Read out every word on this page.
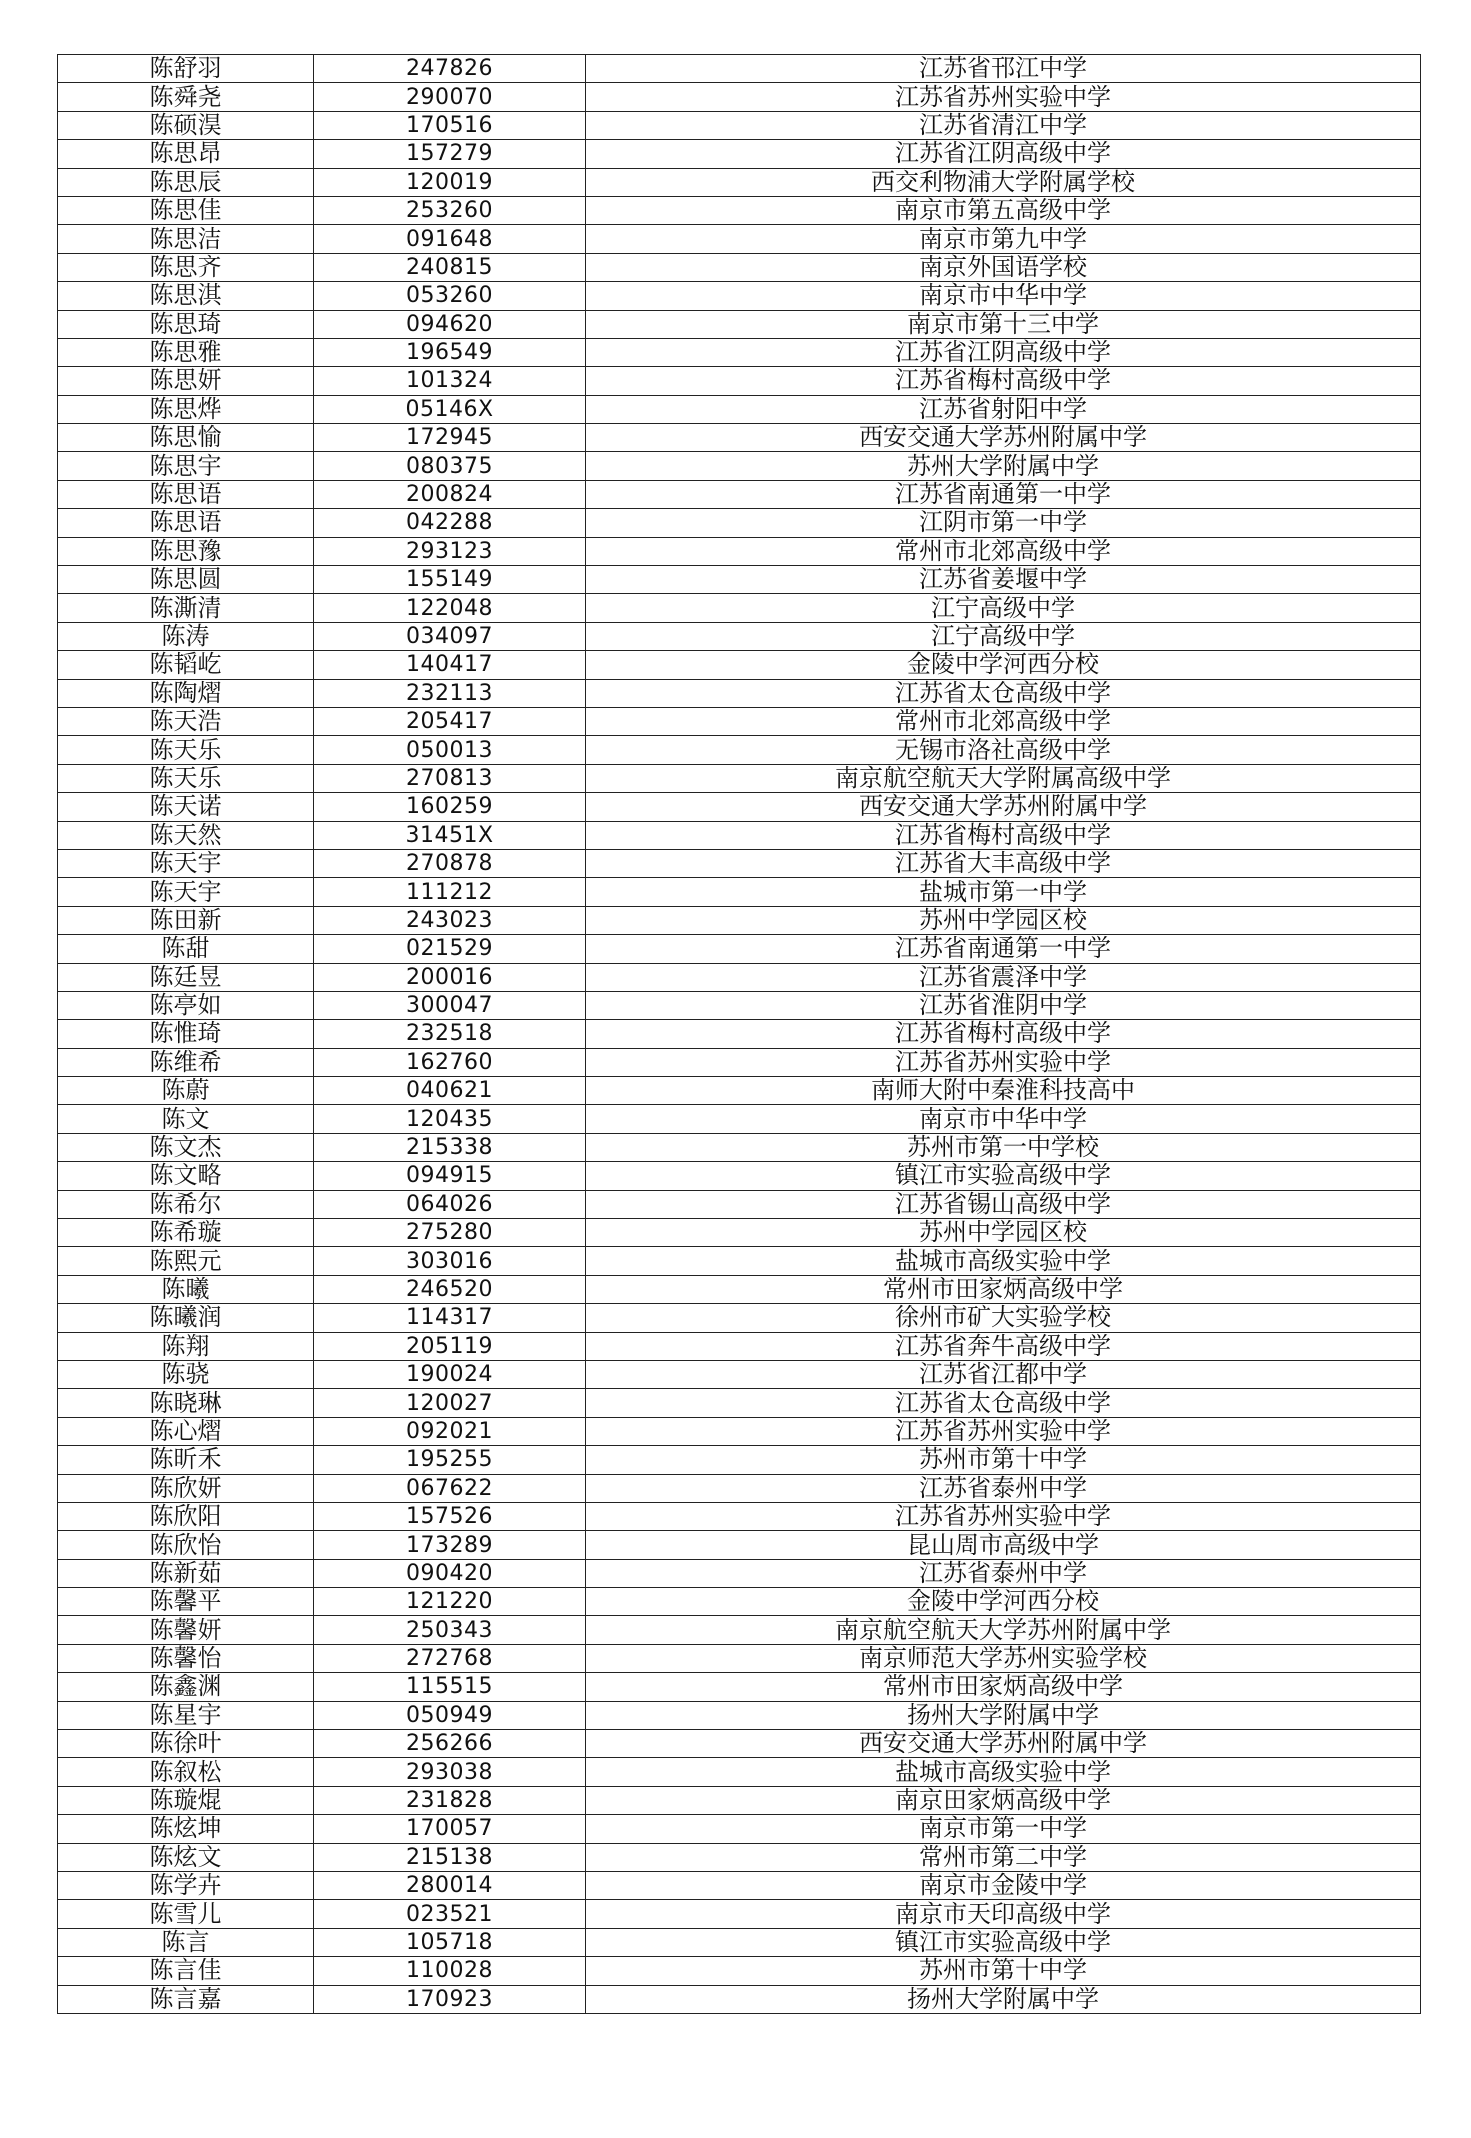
陈舒羽	247826	江苏省邗江中学
陈舜尧	290070	江苏省苏州实验中学
陈硕淏	170516	江苏省清江中学
陈思昂	157279	江苏省江阴高级中学
陈思辰	120019	西交利物浦大学附属学校
陈思佳	253260	南京市第五高级中学
陈思洁	091648	南京市第九中学
陈思齐	240815	南京外国语学校
陈思淇	053260	南京市中华中学
陈思琦	094620	南京市第十三中学
陈思雅	196549	江苏省江阴高级中学
陈思妍	101324	江苏省梅村高级中学
陈思烨	05146X	江苏省射阳中学
陈思愉	172945	西安交通大学苏州附属中学
陈思宇	080375	苏州大学附属中学
陈思语	200824	江苏省南通第一中学
陈思语	042288	江阴市第一中学
陈思豫	293123	常州市北郊高级中学
陈思圆	155149	江苏省姜堰中学
陈澌清	122048	江宁高级中学
陈涛	034097	江宁高级中学
陈韬屹	140417	金陵中学河西分校
陈陶熠	232113	江苏省太仓高级中学
陈天浩	205417	常州市北郊高级中学
陈天乐	050013	无锡市洛社高级中学
陈天乐	270813	南京航空航天大学附属高级中学
陈天诺	160259	西安交通大学苏州附属中学
陈天然	31451X	江苏省梅村高级中学
陈天宇	270878	江苏省大丰高级中学
陈天宇	111212	盐城市第一中学
陈田新	243023	苏州中学园区校
陈甜	021529	江苏省南通第一中学
陈廷昱	200016	江苏省震泽中学
陈亭如	300047	江苏省淮阴中学
陈惟琦	232518	江苏省梅村高级中学
陈维希	162760	江苏省苏州实验中学
陈蔚	040621	南师大附中秦淮科技高中
陈文	120435	南京市中华中学
陈文杰	215338	苏州市第一中学校
陈文略	094915	镇江市实验高级中学
陈希尔	064026	江苏省锡山高级中学
陈希璇	275280	苏州中学园区校
陈熙元	303016	盐城市高级实验中学
陈曦	246520	常州市田家炳高级中学
陈曦润	114317	徐州市矿大实验学校
陈翔	205119	江苏省奔牛高级中学
陈骁	190024	江苏省江都中学
陈晓琳	120027	江苏省太仓高级中学
陈心熠	092021	江苏省苏州实验中学
陈昕禾	195255	苏州市第十中学
陈欣妍	067622	江苏省泰州中学
陈欣阳	157526	江苏省苏州实验中学
陈欣怡	173289	昆山周市高级中学
陈新茹	090420	江苏省泰州中学
陈馨平	121220	金陵中学河西分校
陈馨妍	250343	南京航空航天大学苏州附属中学
陈馨怡	272768	南京师范大学苏州实验学校
陈鑫渊	115515	常州市田家炳高级中学
陈星宇	050949	扬州大学附属中学
陈徐叶	256266	西安交通大学苏州附属中学
陈叙松	293038	盐城市高级实验中学
陈璇焜	231828	南京田家炳高级中学
陈炫坤	170057	南京市第一中学
陈炫文	215138	常州市第二中学
陈学卉	280014	南京市金陵中学
陈雪儿	023521	南京市天印高级中学
陈言	105718	镇江市实验高级中学
陈言佳	110028	苏州市第十中学
陈言嘉	170923	扬州大学附属中学
